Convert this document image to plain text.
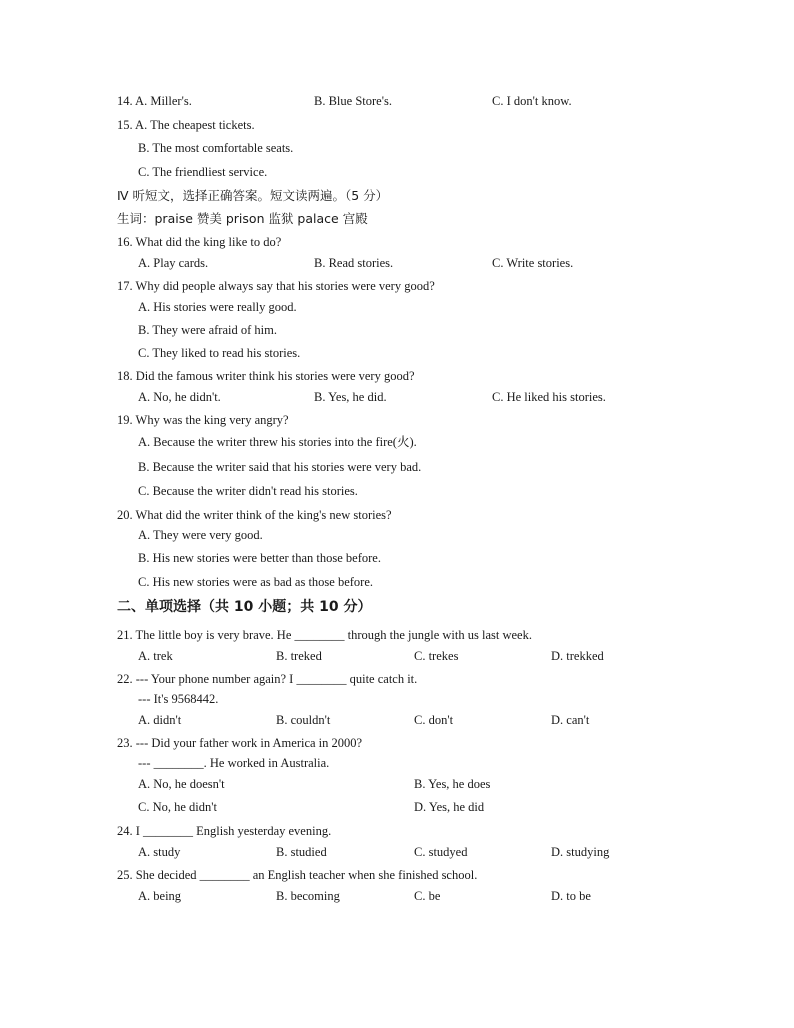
14. A. Miller's.	B. Blue Store's.	C. I don't know.
15. A. The cheapest tickets.
B. The most comfortable seats.
C. The friendliest service.
Ⅳ 听短文，选择正确答案。短文读两遍。（5 分）
生词：praise 赞美 prison 监狱 palace 宫殿
16. What did the king like to do?
A. Play cards.	B. Read stories.	C. Write stories.
17. Why did people always say that his stories were very good?
A. His stories were really good.
B. They were afraid of him.
C. They liked to read his stories.
18. Did the famous writer think his stories were very good?
A. No, he didn't.	B. Yes, he did.	C. He liked his stories.
19. Why was the king very angry?
A. Because the writer threw his stories into the fire(火).
B. Because the writer said that his stories were very bad.
C. Because the writer didn't read his stories.
20. What did the writer think of the king's new stories?
A. They were very good.
B. His new stories were better than those before.
C. His new stories were as bad as those before.
二、单项选择（共 10 小题；共 10 分）
21. The little boy is very brave. He ________ through the jungle with us last week.
A. trek	B. treked	C. trekes	D. trekked
22. --- Your phone number again? I ________ quite catch it.
--- It's 9568442.
A. didn't	B. couldn't	C. don't	D. can't
23. --- Did your father work in America in 2000?
--- ________. He worked in Australia.
A. No, he doesn't	B. Yes, he does
C. No, he didn't	D. Yes, he did
24. I ________ English yesterday evening.
A. study	B. studied	C. studyed	D. studying
25. She decided ________ an English teacher when she finished school.
A. being	B. becoming	C. be	D. to be
